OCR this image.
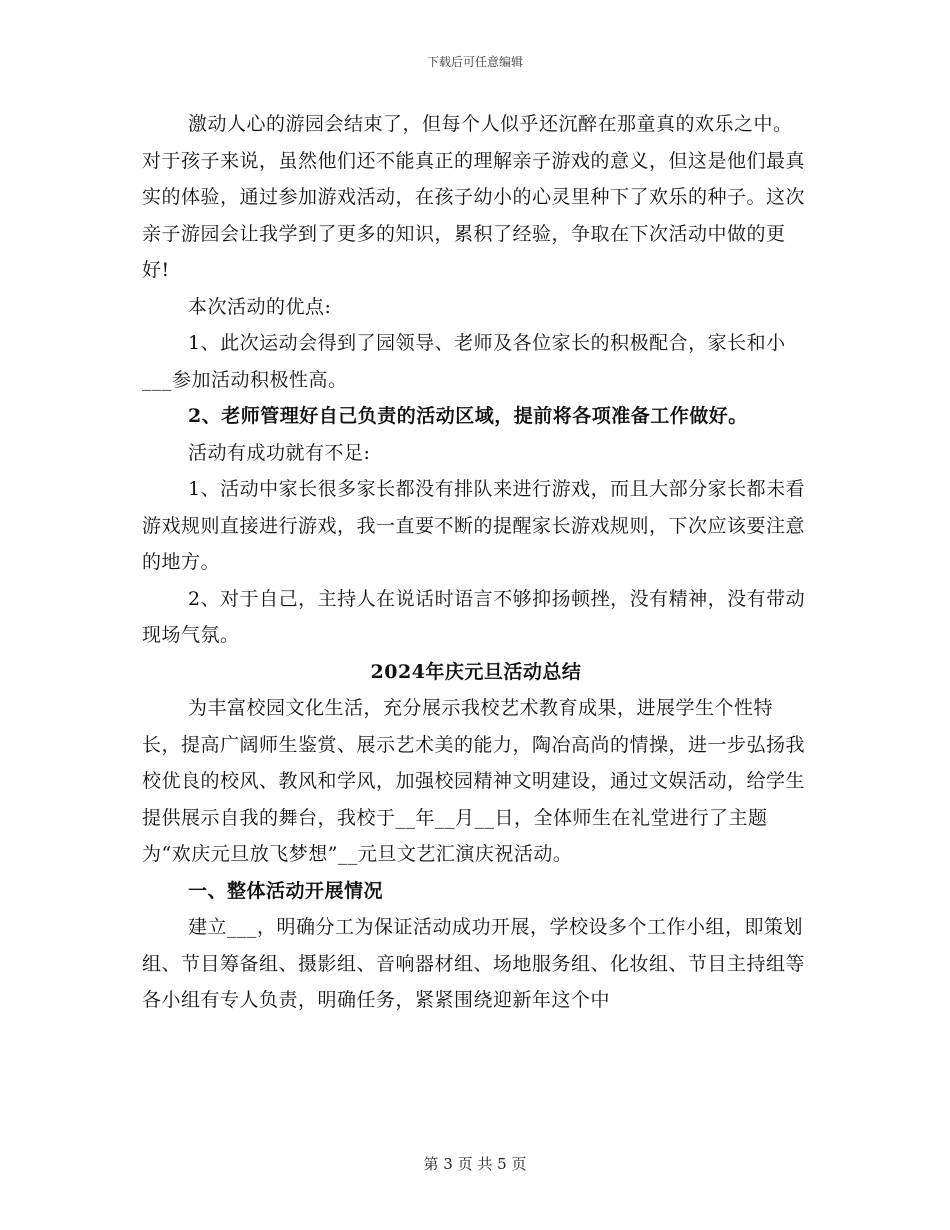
下载后可任意编辑

激动人心的游园会结束了，但每个人似乎还沉醉在那童真的欢乐之中。对于孩子来说，虽然他们还不能真正的理解亲子游戏的意义，但这是他们最真实的体验，通过参加游戏活动，在孩子幼小的心灵里种下了欢乐的种子。这次亲子游园会让我学到了更多的知识，累积了经验，争取在下次活动中做的更好!

本次活动的优点:

1、此次运动会得到了园领导、老师及各位家长的积极配合，家长和小___参加活动积极性高。

2、老师管理好自己负责的活动区域，提前将各项准备工作做好。

活动有成功就有不足:

1、活动中家长很多家长都没有排队来进行游戏，而且大部分家长都未看游戏规则直接进行游戏，我一直要不断的提醒家长游戏规则，下次应该要注意的地方。

2、对于自己，主持人在说话时语言不够抑扬顿挫，没有精神，没有带动现场气氛。

2024年庆元旦活动总结

为丰富校园文化生活，充分展示我校艺术教育成果，进展学生个性特长，提高广阔师生鉴赏、展示艺术美的能力，陶冶高尚的情操，进一步弘扬我校优良的校风、教风和学风，加强校园精神文明建设，通过文娱活动，给学生提供展示自我的舞台，我校于__年__月__日，全体师生在礼堂进行了主题为“欢庆元旦放飞梦想”__元旦文艺汇演庆祝活动。

一、整体活动开展情况

建立___，明确分工为保证活动成功开展，学校设多个工作小组，即策划组、节目筹备组、摄影组、音响器材组、场地服务组、化妆组、节目主持组等各小组有专人负责，明确任务，紧紧围绕迎新年这个中

第 3 页 共 5 页
